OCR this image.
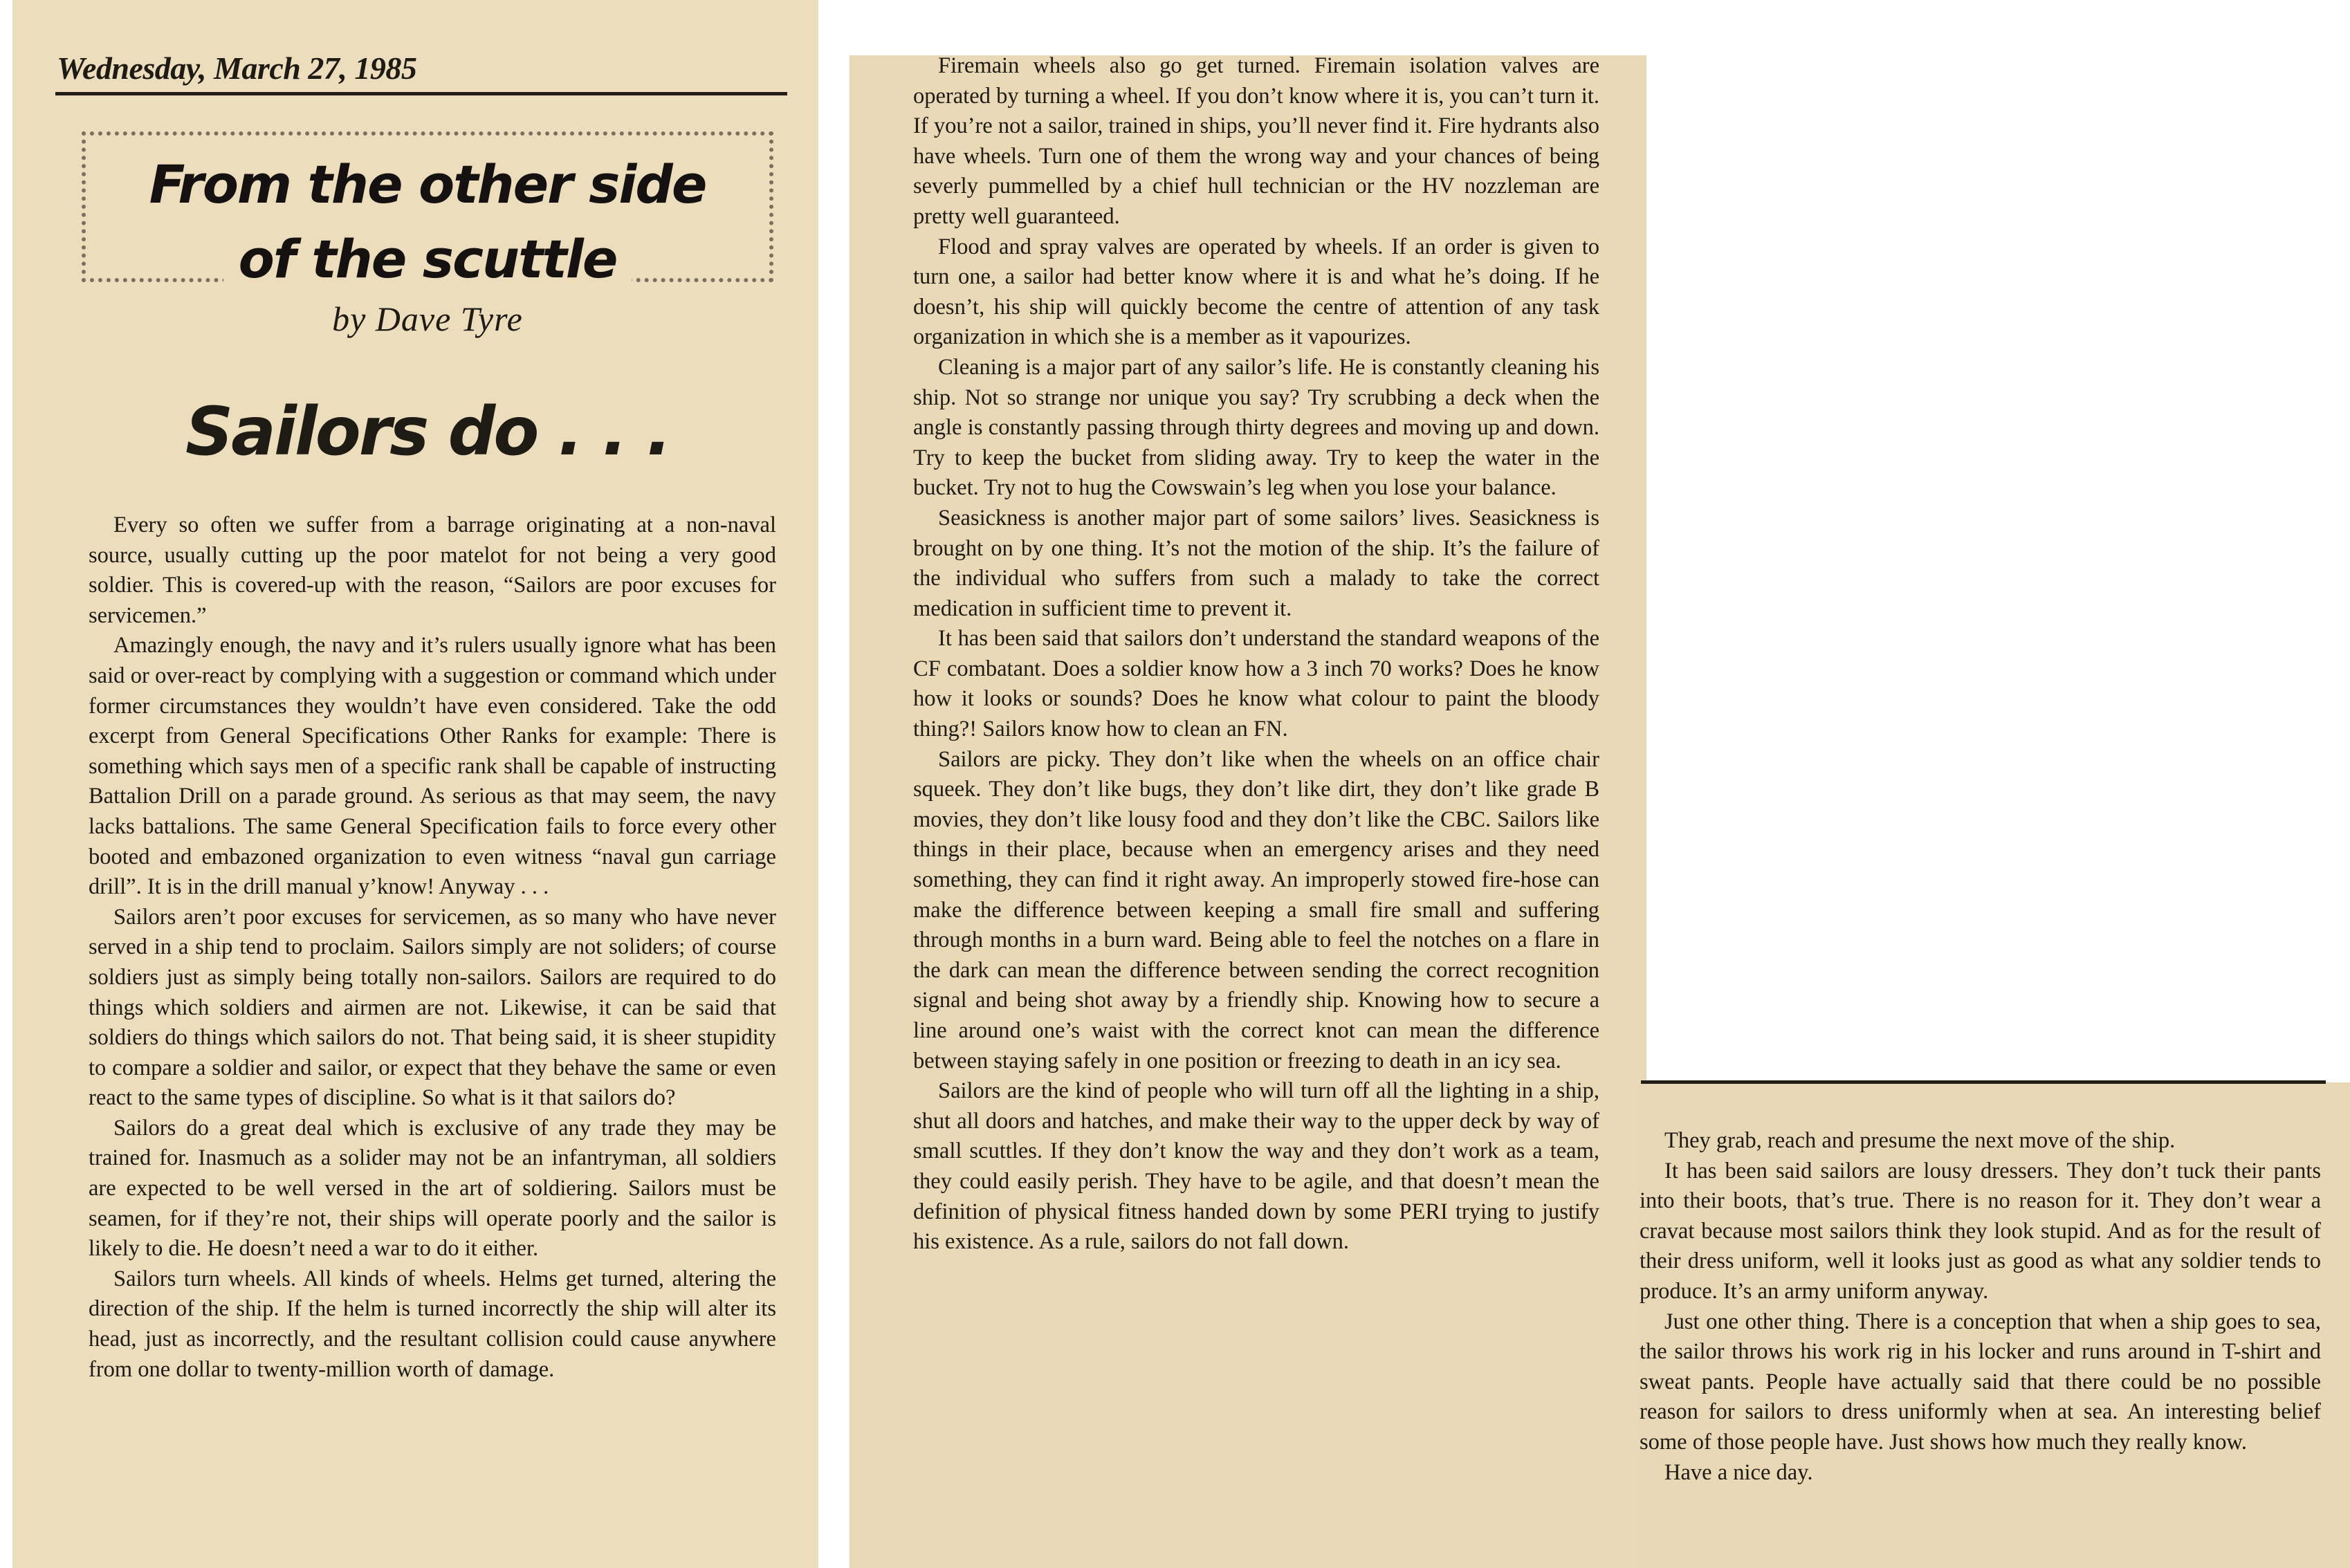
Wednesday, March 27, 1985
From the other side
of the scuttle
by Dave Tyre
Sailors do . . .

Every so often we suffer from a barrage originating at a non-naval source, usually cutting up the poor matelot for not being a very good soldier. This is covered-up with the reason, “Sailors are poor excuses for servicemen.”

Amazingly enough, the navy and it’s rulers usually ignore what has been said or over-react by complying with a suggestion or command which under former circumstances they wouldn’t have even considered. Take the odd excerpt from General Specifications Other Ranks for example: There is something which says men of a specific rank shall be capable of instructing Battalion Drill on a parade ground. As serious as that may seem, the navy lacks battalions. The same General Specification fails to force every other booted and embazoned organization to even witness “naval gun carriage drill”. It is in the drill manual y’know! Anyway . . .

Sailors aren’t poor excuses for servicemen, as so many who have never served in a ship tend to proclaim. Sailors simply are not soliders; of course soldiers just as simply being totally non-sailors. Sailors are required to do things which soldiers and airmen are not. Likewise, it can be said that soldiers do things which sailors do not. That being said, it is sheer stupidity to compare a soldier and sailor, or expect that they behave the same or even react to the same types of discipline. So what is it that sailors do?

Sailors do a great deal which is exclusive of any trade they may be trained for. Inasmuch as a solider may not be an infantryman, all soldiers are expected to be well versed in the art of soldiering. Sailors must be seamen, for if they’re not, their ships will operate poorly and the sailor is likely to die. He doesn’t need a war to do it either.

Sailors turn wheels. All kinds of wheels. Helms get turned, altering the direction of the ship. If the helm is turned incorrectly the ship will alter its head, just as incorrectly, and the resultant collision could cause anywhere from one dollar to twenty-million worth of damage.

Firemain wheels also go get turned. Firemain isolation valves are operated by turning a wheel. If you don’t know where it is, you can’t turn it. If you’re not a sailor, trained in ships, you’ll never find it. Fire hydrants also have wheels. Turn one of them the wrong way and your chances of being severly pummelled by a chief hull technician or the HV nozzleman are pretty well guaranteed.

Flood and spray valves are operated by wheels. If an order is given to turn one, a sailor had better know where it is and what he’s doing. If he doesn’t, his ship will quickly become the centre of attention of any task organization in which she is a member as it vapourizes.

Cleaning is a major part of any sailor’s life. He is constantly cleaning his ship. Not so strange nor unique you say? Try scrubbing a deck when the angle is constantly passing through thirty degrees and moving up and down. Try to keep the bucket from sliding away. Try to keep the water in the bucket. Try not to hug the Cowswain’s leg when you lose your balance.

Seasickness is another major part of some sailors’ lives. Seasickness is brought on by one thing. It’s not the motion of the ship. It’s the failure of the individual who suffers from such a malady to take the correct medication in sufficient time to prevent it.

It has been said that sailors don’t understand the standard weapons of the CF combatant. Does a soldier know how a 3 inch 70 works? Does he know how it looks or sounds? Does he know what colour to paint the bloody thing?! Sailors know how to clean an FN.

Sailors are picky. They don’t like when the wheels on an office chair squeek. They don’t like bugs, they don’t like dirt, they don’t like grade B movies, they don’t like lousy food and they don’t like the CBC. Sailors like things in their place, because when an emergency arises and they need something, they can find it right away. An improperly stowed fire-hose can make the difference between keeping a small fire small and suffering through months in a burn ward. Being able to feel the notches on a flare in the dark can mean the difference between sending the correct recognition signal and being shot away by a friendly ship. Knowing how to secure a line around one’s waist with the correct knot can mean the difference between staying safely in one position or freezing to death in an icy sea.

Sailors are the kind of people who will turn off all the lighting in a ship, shut all doors and hatches, and make their way to the upper deck by way of small scuttles. If they don’t know the way and they don’t work as a team, they could easily perish. They have to be agile, and that doesn’t mean the definition of physical fitness handed down by some PERI trying to justify his existence. As a rule, sailors do not fall down.

They grab, reach and presume the next move of the ship.

It has been said sailors are lousy dressers. They don’t tuck their pants into their boots, that’s true. There is no reason for it. They don’t wear a cravat because most sailors think they look stupid. And as for the result of their dress uniform, well it looks just as good as what any soldier tends to produce. It’s an army uniform anyway.

Just one other thing. There is a conception that when a ship goes to sea, the sailor throws his work rig in his locker and runs around in T-shirt and sweat pants. People have actually said that there could be no possible reason for sailors to dress uniformly when at sea. An interesting belief some of those people have. Just shows how much they really know.

Have a nice day.
